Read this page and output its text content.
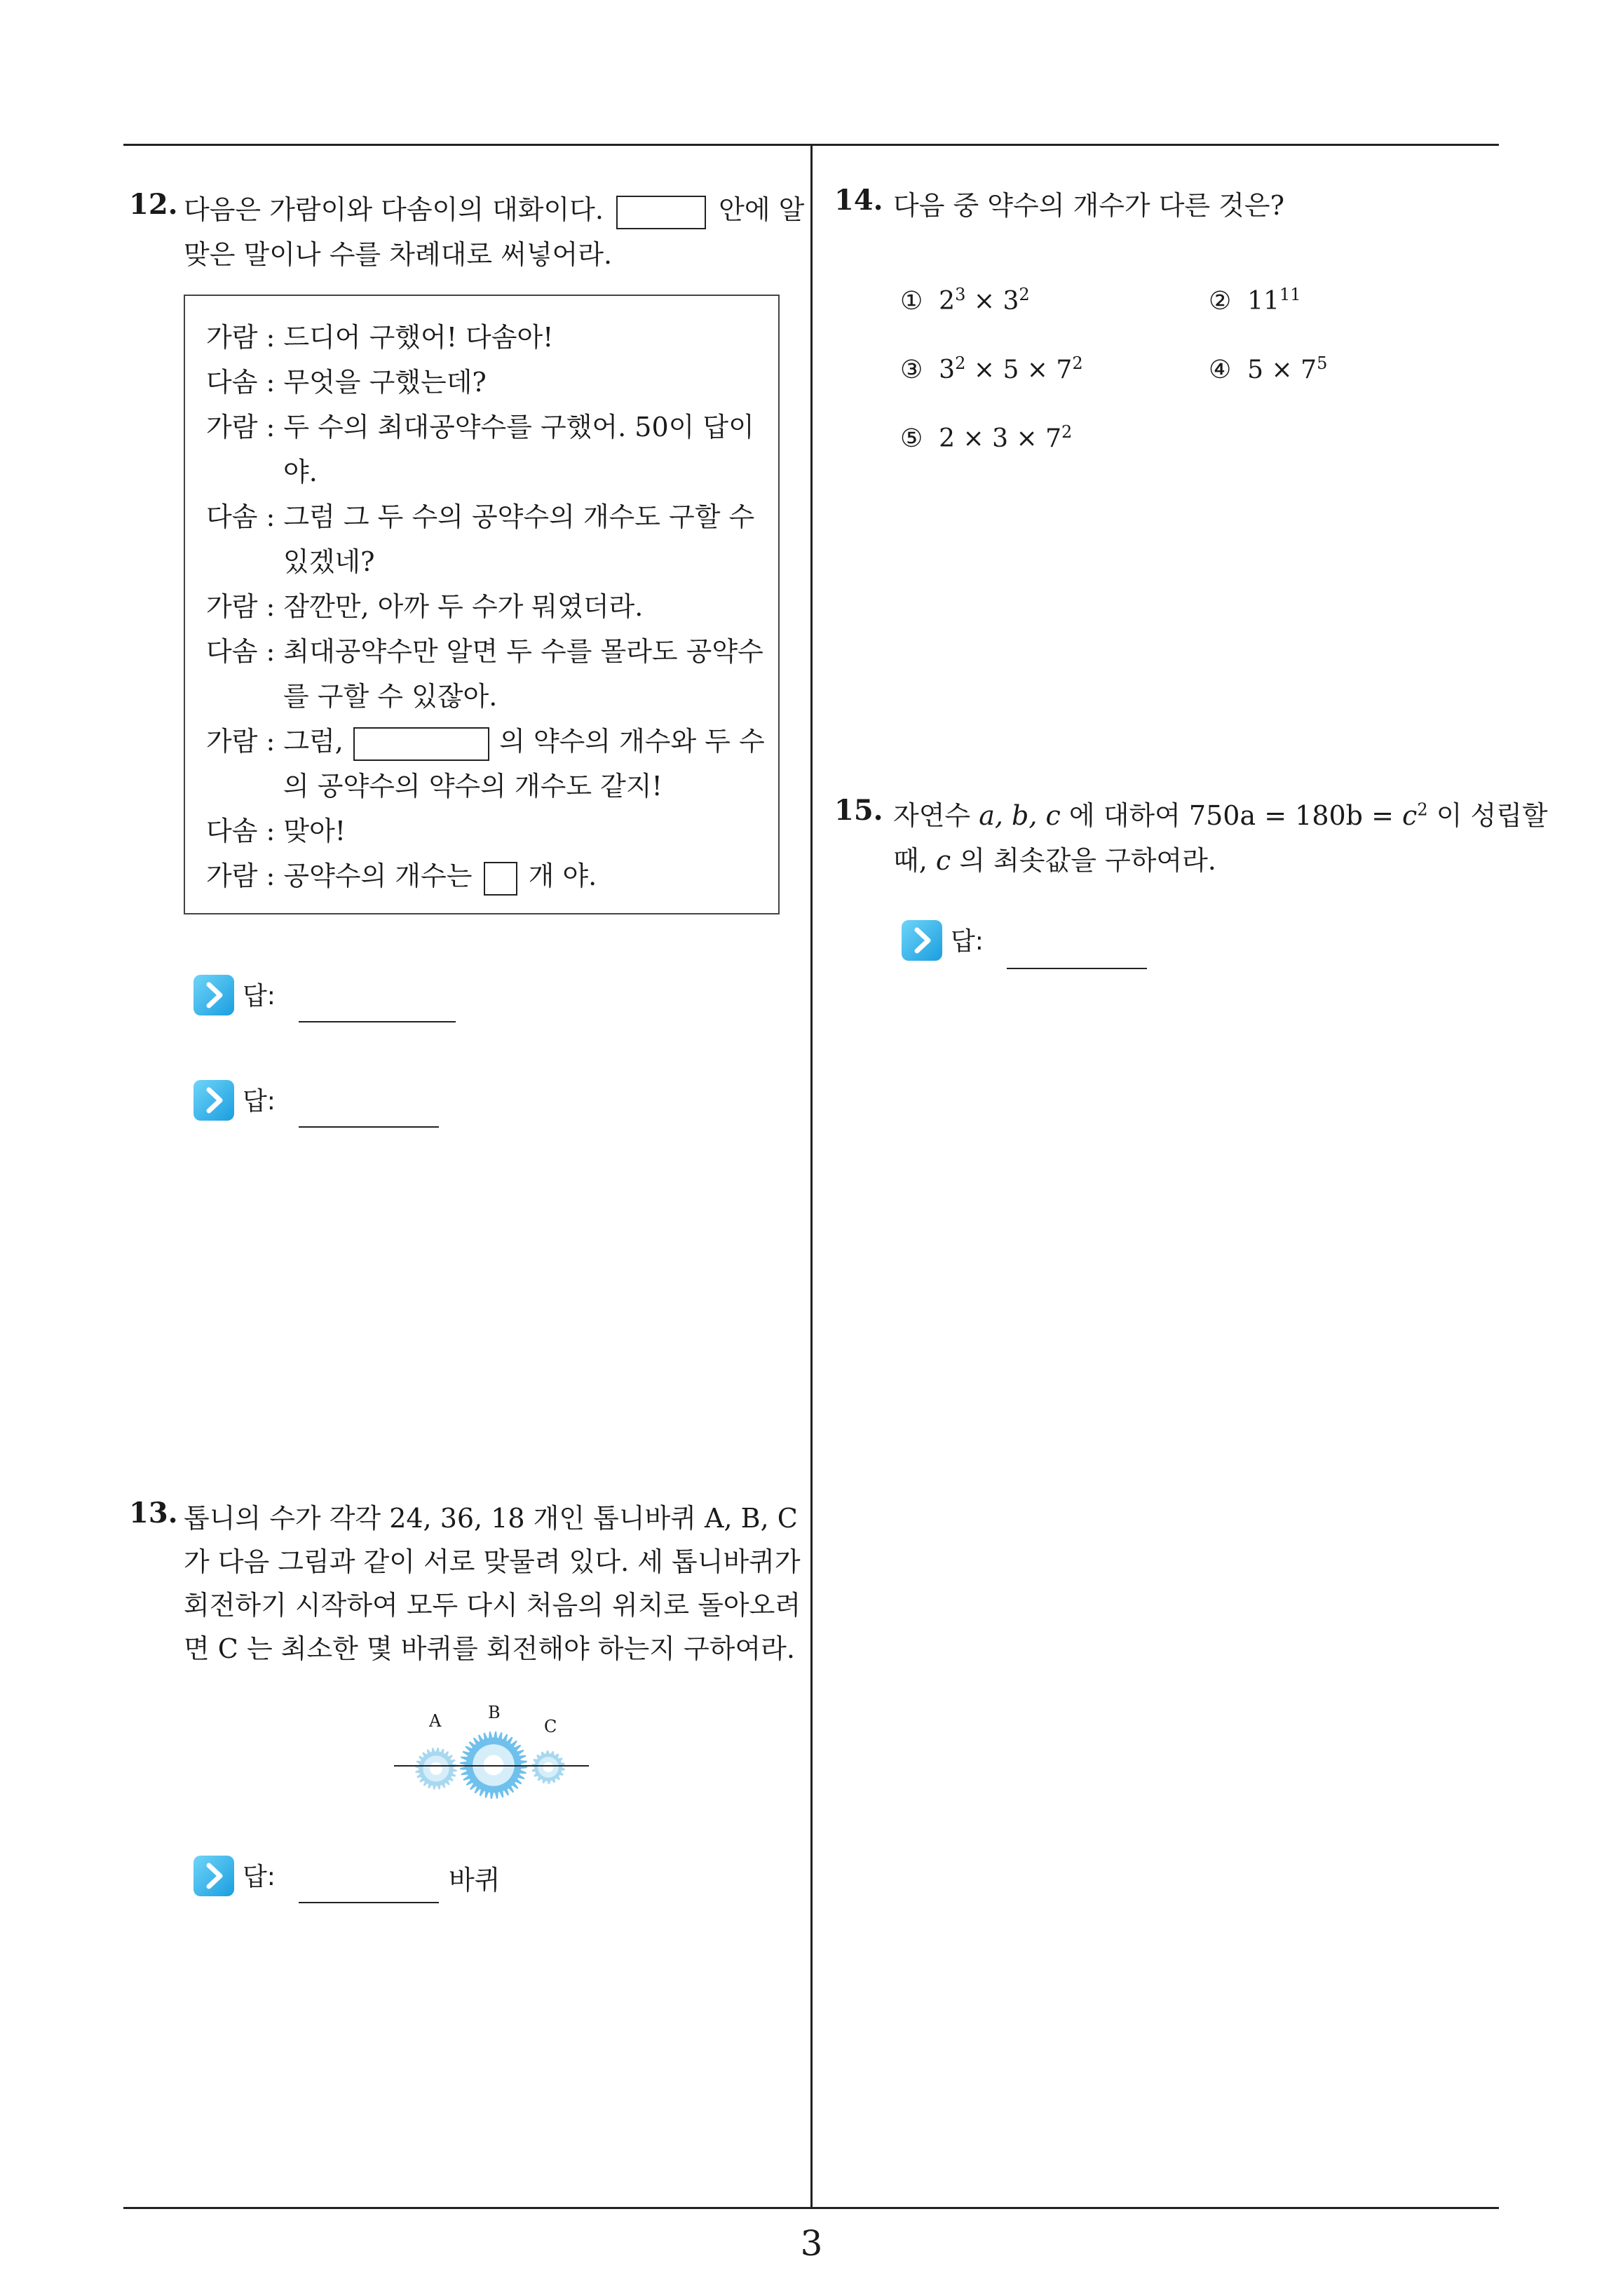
12. 다음은 가람이와 다솜이의 대화이다.	안에 알
맞은 말이나 수를 차례대로 써넣어라.
가람 : 드디어 구했어! 다솜아!
다솜 : 무엇을 구했는데?
가람 : 두 수의 최대공약수를 구했어. 50이 답이
야.
다솜 : 그럼 그 두 수의 공약수의 개수도 구할 수
있겠네?
가람 : 잠깐만, 아까 두 수가 뭐였더라.
다솜 : 최대공약수만 알면 두 수를 몰라도 공약수
를 구할 수 있잖아.
가람 : 그럼,	의 약수의 개수와 두 수
의 공약수의 약수의 개수도 같지!
다솜 : 맞아!
가람 : 공약수의 개수는 개 야.
답:
답:
13. 톱니의 수가 각각 24, 36, 18 개인 톱니바퀴 A, B, C
가 다음 그림과 같이 서로 맞물려 있다. 세 톱니바퀴가
회전하기 시작하여 모두 다시 처음의 위치로 돌아오려
면 C 는 최소한 몇 바퀴를 회전해야 하는지 구하여라.
A	B
C
답:	바퀴
14. 다음 중 약수의 개수가 다른 것은?
① $2^3 \times 3^2$	② $11^{11}$
③ $3^2 \times 5 \times 7^2$	④ $5 \times 7^5$
⑤ $2 \times 3 \times 7^2$
15. 자연수 a, b, c 에 대하여 $750a = 180b = c^2$ 이 성립할
때, c 의 최솟값을 구하여라.
답:
3
